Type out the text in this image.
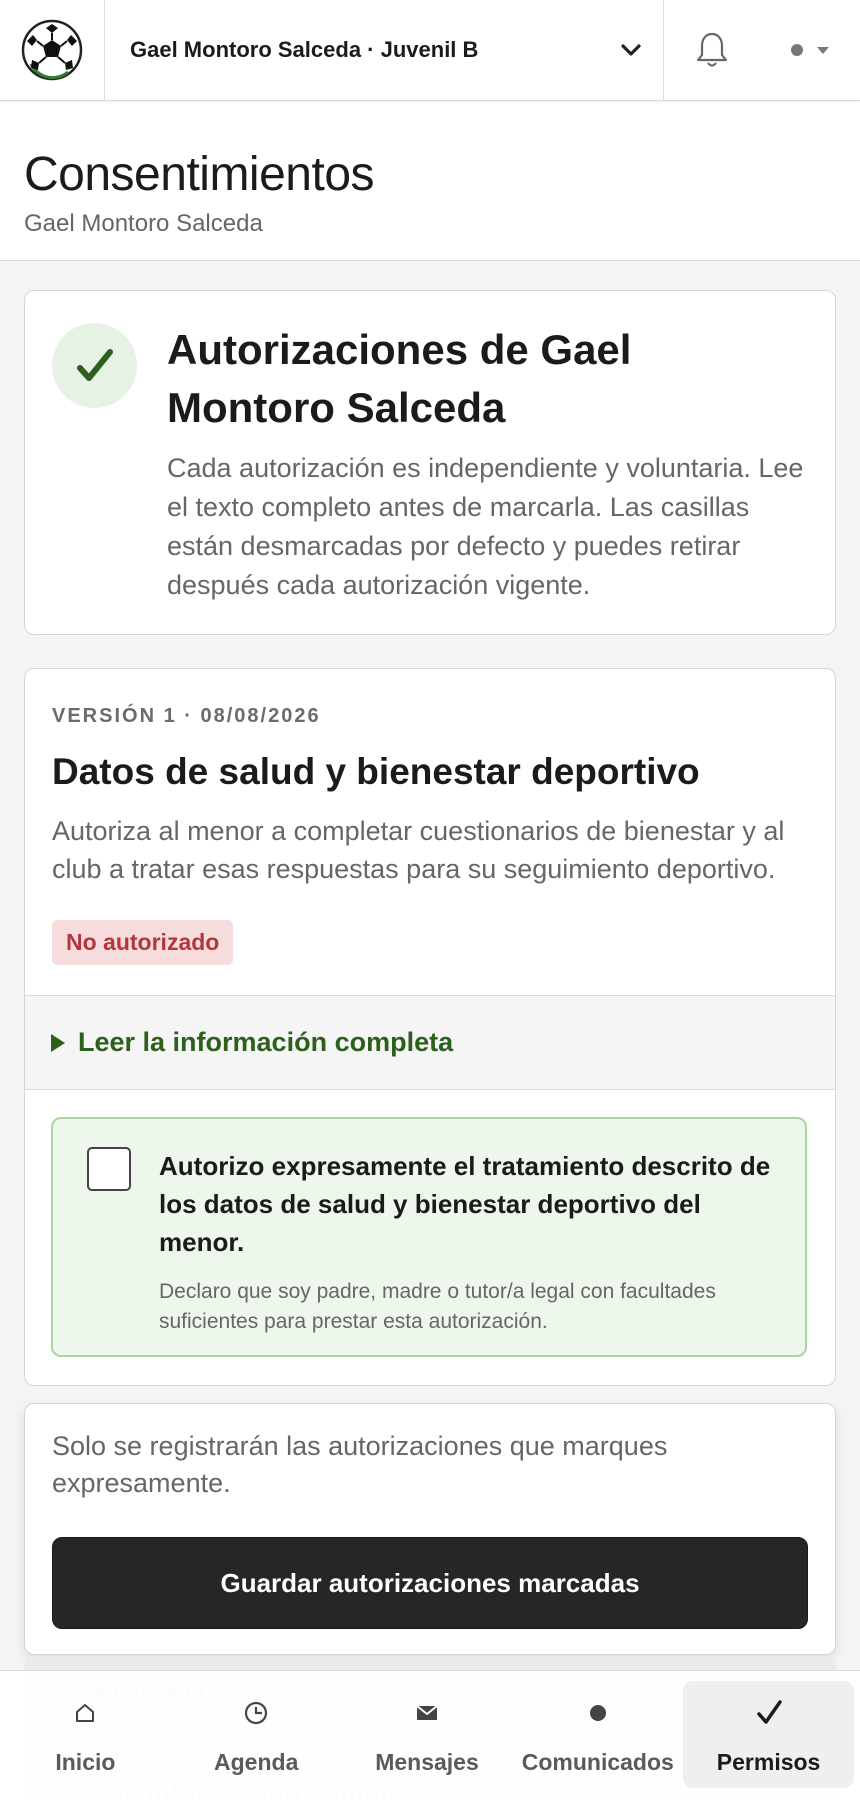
Gael Montoro Salceda · Juvenil B
Consentimientos
Gael Montoro Salceda
Autorizaciones de Gael Montoro Salceda

Cada autorización es independiente y voluntaria. Lee el texto completo antes de marcarla. Las casillas están desmarcadas por defecto y puedes retirar después cada autorización vigente.

VERSIÓN 1 · 08/08/2026
Datos de salud y bienestar deportivo

Autoriza al menor a completar cuestionarios de bienestar y al club a tratar esas respuestas para su seguimiento deportivo.

No autorizado
Leer la información completa
Autorizo expresamente el tratamiento descrito de los datos de salud y bienestar deportivo del menor.
Declaro que soy padre, madre o tutor/a legal con facultades suficientes para prestar esta autorización.

Solo se registrarán las autorizaciones que marques expresamente.

Guardar autorizaciones marcadas
Inicio	Agenda	Mensajes Comunicados Permisos
